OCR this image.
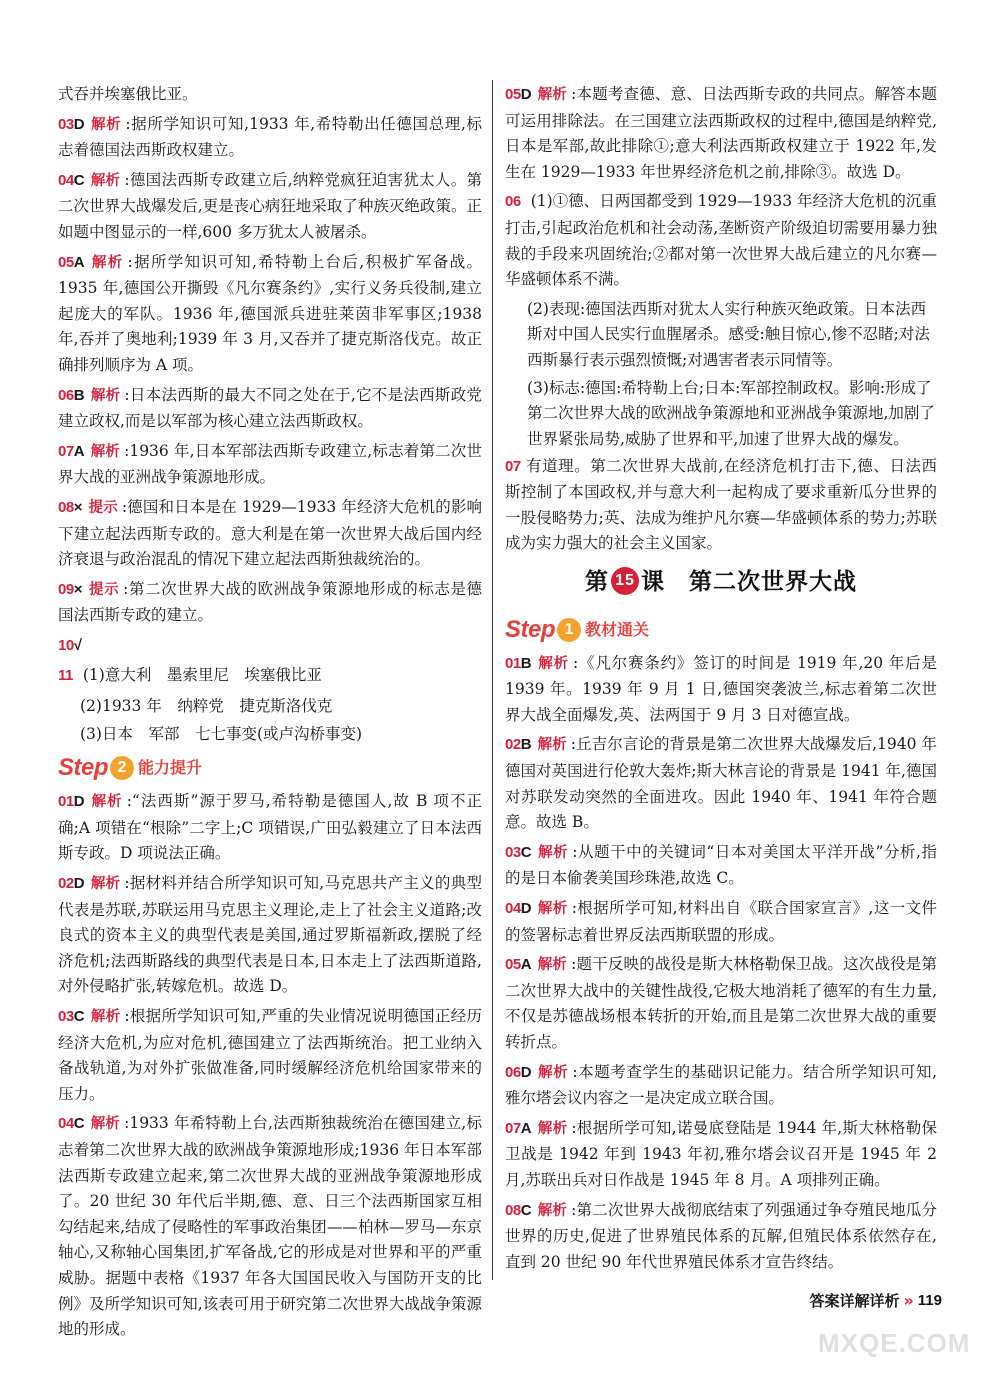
式吞并埃塞俄比亚。
03D 解析 :据所学知识可知,1933 年,希特勒出任德国总理,标志着德国法西斯政权建立。
04C 解析 :德国法西斯专政建立后,纳粹党疯狂迫害犹太人。第二次世界大战爆发后,更是丧心病狂地采取了种族灭绝政策。正如题中图显示的一样,600 多万犹太人被屠杀。
05A 解析 :据所学知识可知,希特勒上台后,积极扩军备战。1935 年,德国公开撕毁《凡尔赛条约》,实行义务兵役制,建立起庞大的军队。1936 年,德国派兵进驻莱茵非军事区;1938 年,吞并了奥地利;1939 年 3 月,又吞并了捷克斯洛伐克。故正确排列顺序为 A 项。
06B 解析 :日本法西斯的最大不同之处在于,它不是法西斯政党建立政权,而是以军部为核心建立法西斯政权。
07A 解析 :1936 年,日本军部法西斯专政建立,标志着第二次世界大战的亚洲战争策源地形成。
08× 提示 :德国和日本是在 1929—1933 年经济大危机的影响下建立起法西斯专政的。意大利是在第一次世界大战后国内经济衰退与政治混乱的情况下建立起法西斯独裁统治的。
09× 提示 :第二次世界大战的欧洲战争策源地形成的标志是德国法西斯专政的建立。
10√
11 (1)意大利　墨索里尼　埃塞俄比亚
(2)1933 年　纳粹党　捷克斯洛伐克
(3)日本　军部　七七事变(或卢沟桥事变)
Step 2 能力提升
01D 解析 :“法西斯”源于罗马,希特勒是德国人,故 B 项不正确;A 项错在“根除”二字上;C 项错误,广田弘毅建立了日本法西斯专政。D 项说法正确。
02D 解析 :据材料并结合所学知识可知,马克思共产主义的典型代表是苏联,苏联运用马克思主义理论,走上了社会主义道路;改良式的资本主义的典型代表是美国,通过罗斯福新政,摆脱了经济危机;法西斯路线的典型代表是日本,日本走上了法西斯道路,对外侵略扩张,转嫁危机。故选 D。
03C 解析 :根据所学知识可知,严重的失业情况说明德国正经历经济大危机,为应对危机,德国建立了法西斯统治。把工业纳入备战轨道,为对外扩张做准备,同时缓解经济危机给国家带来的压力。
04C 解析 :1933 年希特勒上台,法西斯独裁统治在德国建立,标志着第二次世界大战的欧洲战争策源地形成;1936 年日本军部法西斯专政建立起来,第二次世界大战的亚洲战争策源地形成了。20 世纪 30 年代后半期,德、意、日三个法西斯国家互相勾结起来,结成了侵略性的军事政治集团——柏林—罗马—东京轴心,又称轴心国集团,扩军备战,它的形成是对世界和平的严重威胁。据题中表格《1937 年各大国国民收入与国防开支的比例》及所学知识可知,该表可用于研究第二次世界大战战争策源地的形成。
05D 解析 :本题考查德、意、日法西斯专政的共同点。解答本题可运用排除法。在三国建立法西斯政权的过程中,德国是纳粹党,日本是军部,故此排除①;意大利法西斯政权建立于 1922 年,发生在 1929—1933 年世界经济危机之前,排除③。故选 D。
06 (1)①德、日两国都受到 1929—1933 年经济大危机的沉重打击,引起政治危机和社会动荡,垄断资产阶级迫切需要用暴力独裁的手段来巩固统治;②都对第一次世界大战后建立的凡尔赛—华盛顿体系不满。
(2)表现:德国法西斯对犹太人实行种族灭绝政策。日本法西斯对中国人民实行血腥屠杀。感受:触目惊心,惨不忍睹;对法西斯暴行表示强烈愤慨;对遇害者表示同情等。
(3)标志:德国:希特勒上台;日本:军部控制政权。影响:形成了第二次世界大战的欧洲战争策源地和亚洲战争策源地,加剧了世界紧张局势,威胁了世界和平,加速了世界大战的爆发。
07 有道理。第二次世界大战前,在经济危机打击下,德、日法西斯控制了本国政权,并与意大利一起构成了要求重新瓜分世界的一股侵略势力;英、法成为维护凡尔赛—华盛顿体系的势力;苏联成为实力强大的社会主义国家。
第 15 课　第二次世界大战
Step 1 教材通关
01B 解析 :《凡尔赛条约》签订的时间是 1919 年,20 年后是 1939 年。1939 年 9 月 1 日,德国突袭波兰,标志着第二次世界大战全面爆发,英、法两国于 9 月 3 日对德宣战。
02B 解析 :丘吉尔言论的背景是第二次世界大战爆发后,1940 年德国对英国进行伦敦大轰炸;斯大林言论的背景是 1941 年,德国对苏联发动突然的全面进攻。因此 1940 年、1941 年符合题意。故选 B。
03C 解析 :从题干中的关键词“日本对美国太平洋开战”分析,指的是日本偷袭美国珍珠港,故选 C。
04D 解析 :根据所学可知,材料出自《联合国家宣言》,这一文件的签署标志着世界反法西斯联盟的形成。
05A 解析 :题干反映的战役是斯大林格勒保卫战。这次战役是第二次世界大战中的关键性战役,它极大地消耗了德军的有生力量,不仅是苏德战场根本转折的开始,而且是第二次世界大战的重要转折点。
06D 解析 :本题考查学生的基础识记能力。结合所学知识可知,雅尔塔会议内容之一是决定成立联合国。
07A 解析 :根据所学可知,诺曼底登陆是 1944 年,斯大林格勒保卫战是 1942 年到 1943 年初,雅尔塔会议召开是 1945 年 2 月,苏联出兵对日作战是 1945 年 8 月。A 项排列正确。
08C 解析 :第二次世界大战彻底结束了列强通过争夺殖民地瓜分世界的历史,促进了世界殖民体系的瓦解,但殖民体系依然存在,直到 20 世纪 90 年代世界殖民体系才宣告终结。
答案详解详析 » 119
MXQE.COM
